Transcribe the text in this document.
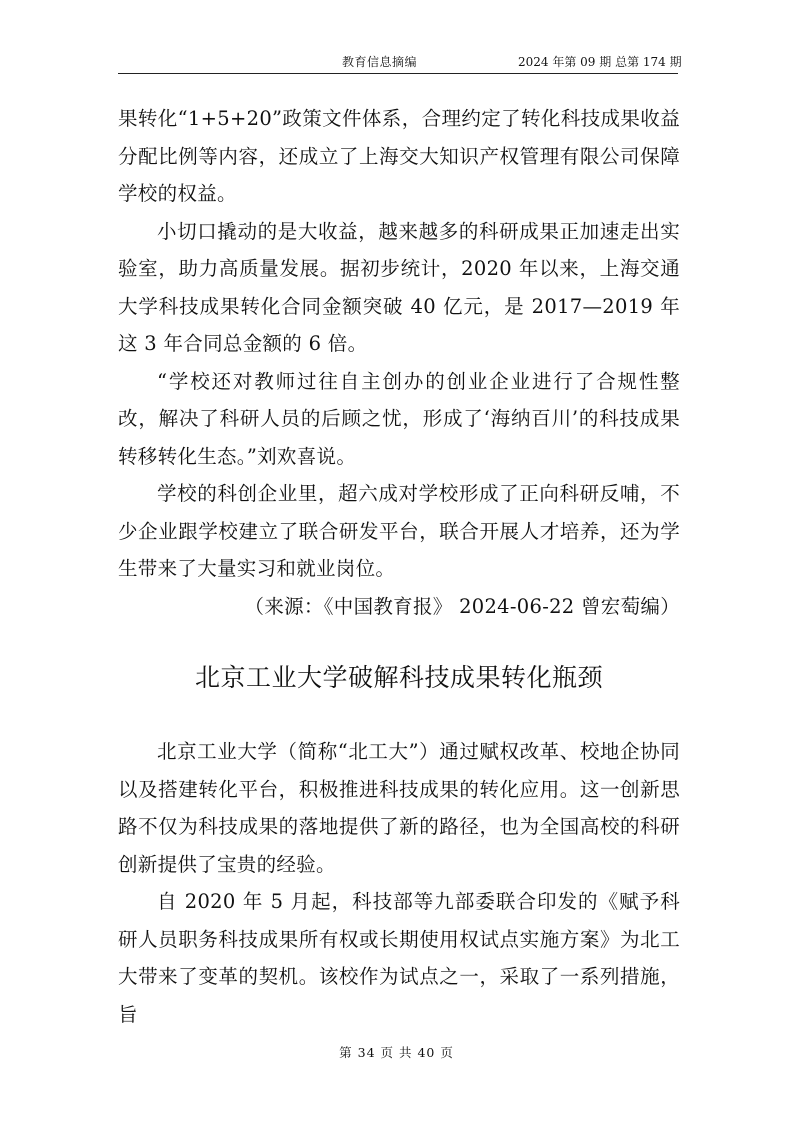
教育信息摘编	2024 年第 09 期 总第 174 期

果转化“1+5+20”政策文件体系，合理约定了转化科技成果收益分配比例等内容，还成立了上海交大知识产权管理有限公司保障学校的权益。

小切口撬动的是大收益，越来越多的科研成果正加速走出实验室，助力高质量发展。据初步统计，2020 年以来，上海交通大学科技成果转化合同金额突破 40 亿元，是 2017—2019 年这 3 年合同总金额的 6 倍。

“学校还对教师过往自主创办的创业企业进行了合规性整改，解决了科研人员的后顾之忧，形成了‘海纳百川’的科技成果转移转化生态。”刘欢喜说。

学校的科创企业里，超六成对学校形成了正向科研反哺，不少企业跟学校建立了联合研发平台，联合开展人才培养，还为学生带来了大量实习和就业岗位。

（来源：《中国教育报》 2024-06-22 曾宏萄编）

北京工业大学破解科技成果转化瓶颈

北京工业大学（简称“北工大”）通过赋权改革、校地企协同以及搭建转化平台，积极推进科技成果的转化应用。这一创新思路不仅为科技成果的落地提供了新的路径，也为全国高校的科研创新提供了宝贵的经验。

自 2020 年 5 月起，科技部等九部委联合印发的《赋予科研人员职务科技成果所有权或长期使用权试点实施方案》为北工大带来了变革的契机。该校作为试点之一，采取了一系列措施，旨

第 34 页 共 40 页
